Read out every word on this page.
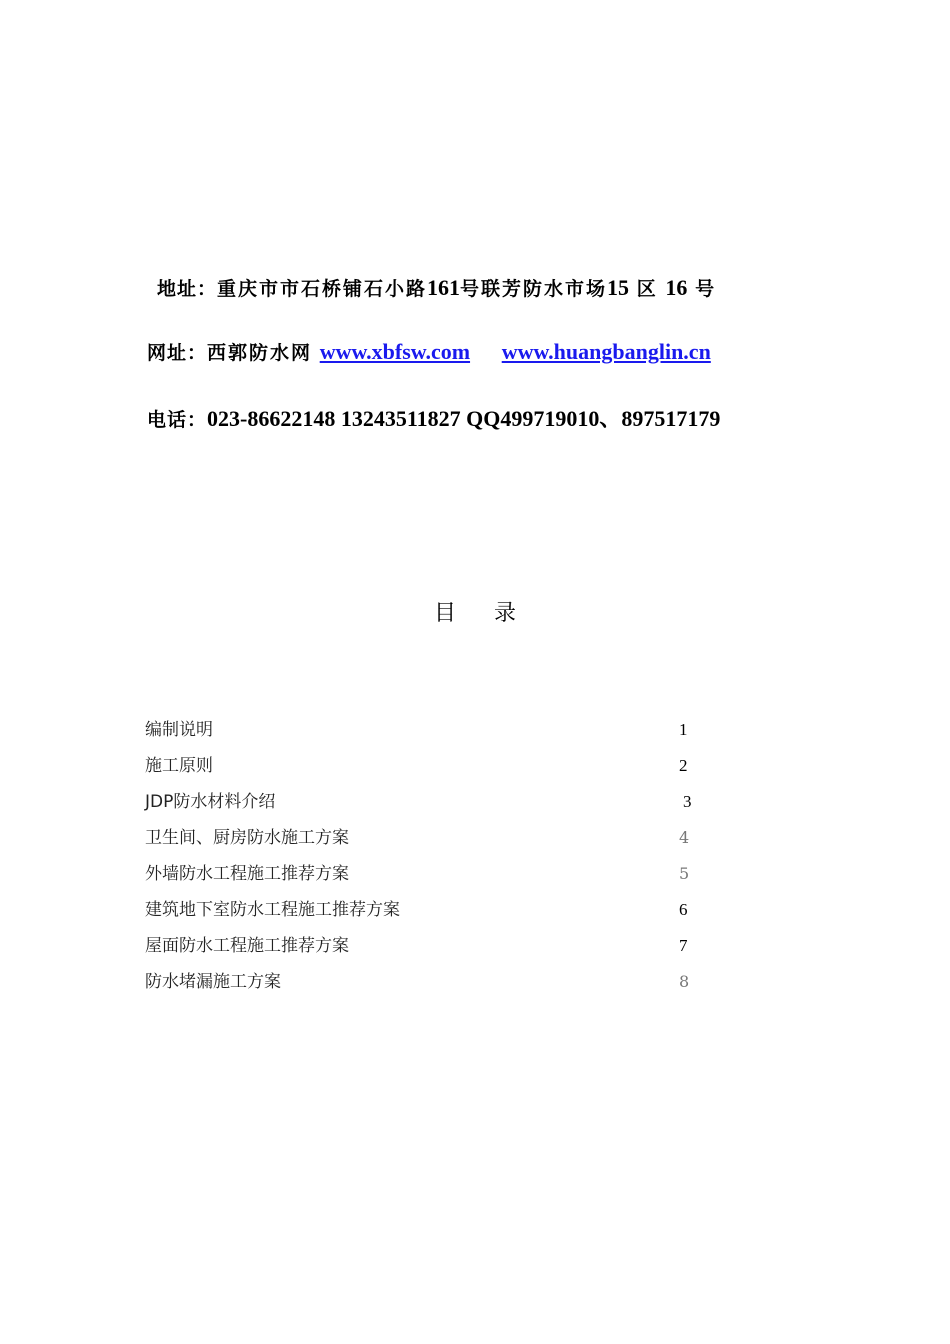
地址：重庆市市石桥铺石小路161号联芳防水市场15 区 16 号
网址：西郭防水网 www.xbfsw.com www.huangbanglin.cn
电话：023-86622148 13243511827 QQ499719010、897517179
目录
编制说明	1
施工原则	2
JDP防水材料介绍	3
卫生间、厨房防水施工方案	4
外墙防水工程施工推荐方案	5
建筑地下室防水工程施工推荐方案	6
屋面防水工程施工推荐方案	7
防水堵漏施工方案	8
